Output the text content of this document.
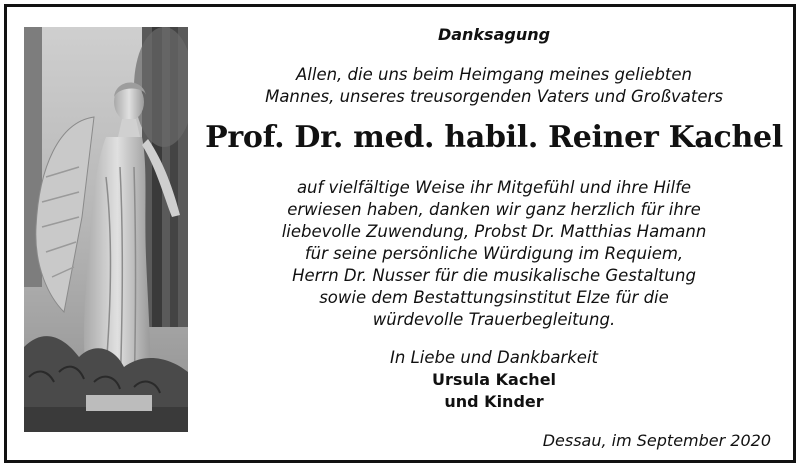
Danksagung
Allen, die uns beim Heimgang meines geliebten
Mannes, unseres treusorgenden Vaters und Großvaters
Prof. Dr. med. habil. Reiner Kachel
auf vielfältige Weise ihr Mitgefühl und ihre Hilfe
erwiesen haben, danken wir ganz herzlich für ihre
liebevolle Zuwendung, Probst Dr. Matthias Hamann
für seine persönliche Würdigung im Requiem,
Herrn Dr. Nusser für die musikalische Gestaltung
sowie dem Bestattungsinstitut Elze für die
würdevolle Trauerbegleitung.
In Liebe und Dankbarkeit
Ursula Kachel
und Kinder
Dessau, im September 2020
